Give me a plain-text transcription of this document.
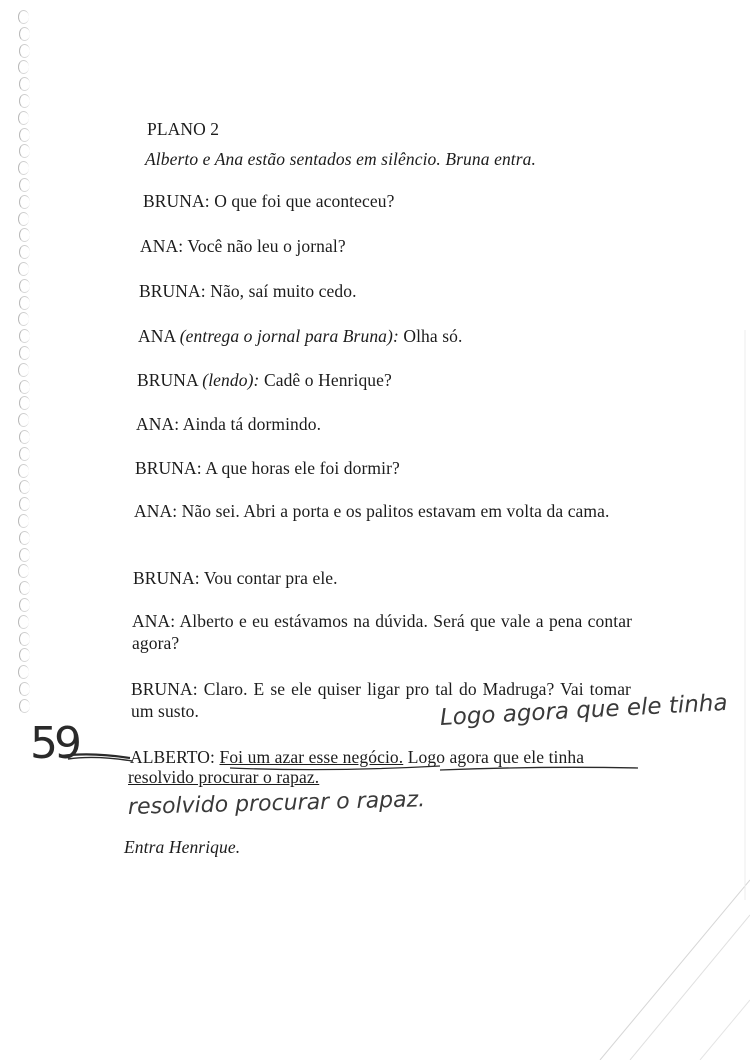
PLANO 2
Alberto e Ana estão sentados em silêncio. Bruna entra.
BRUNA: O que foi que aconteceu?
ANA: Você não leu o jornal?
BRUNA: Não, saí muito cedo.
ANA (entrega o jornal para Bruna): Olha só.
BRUNA (lendo): Cadê o Henrique?
ANA: Ainda tá dormindo.
BRUNA: A que horas ele foi dormir?
ANA: Não sei. Abri a porta e os palitos estavam em volta da cama.
BRUNA: Vou contar pra ele.
ANA: Alberto e eu estávamos na dúvida. Será que vale a pena contar agora?
BRUNA: Claro. E se ele quiser ligar pro tal do Madruga? Vai tomar um susto.	Logo agora que ele tinha
59	ALBERTO: Foi um azar esse negócio. Logo agora que ele tinha
resolvido procurar o rapaz.
resolvido procurar o rapaz.
Entra Henrique.
